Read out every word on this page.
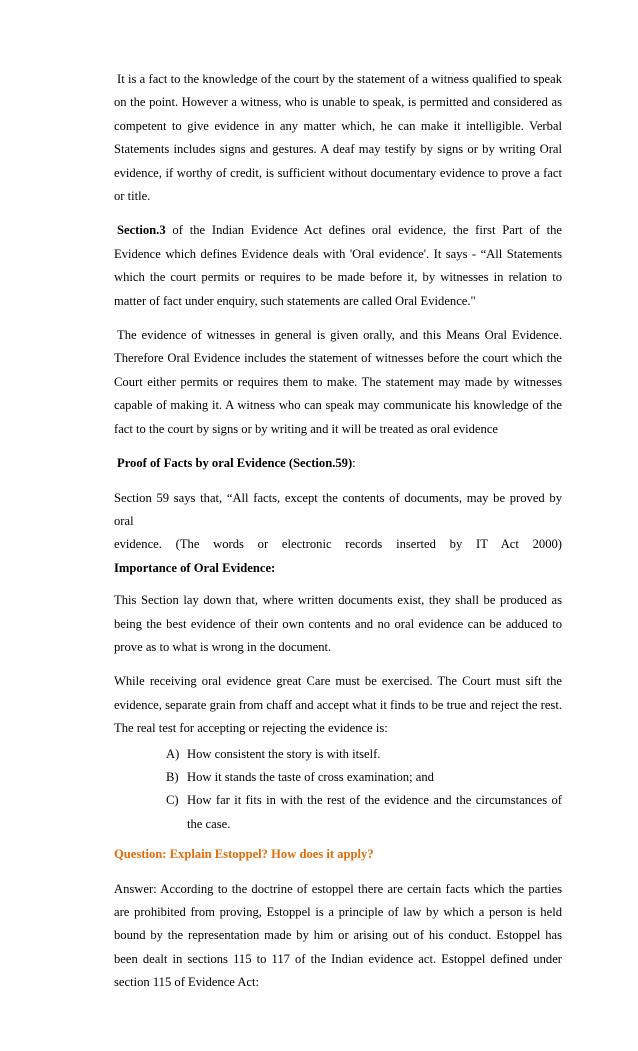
It is a fact to the knowledge of the court by the statement of a witness qualified to speak on the point. However a witness, who is unable to speak, is permitted and considered as competent to give evidence in any matter which, he can make it intelligible. Verbal Statements includes signs and gestures. A deaf may testify by signs or by writing Oral evidence, if worthy of credit, is sufficient without documentary evidence to prove a fact or title.

Section.3 of the Indian Evidence Act defines oral evidence, the first Part of the Evidence which defines Evidence deals with 'Oral evidence'. It says - “All Statements which the court permits or requires to be made before it, by witnesses in relation to matter of fact under enquiry, such statements are called Oral Evidence."

The evidence of witnesses in general is given orally, and this Means Oral Evidence. Therefore Oral Evidence includes the statement of witnesses before the court which the Court either permits or requires them to make. The statement may made by witnesses capable of making it. A witness who can speak may communicate his knowledge of the fact to the court by signs or by writing and it will be treated as oral evidence

Proof of Facts by oral Evidence (Section.59):

Section 59 says that, “All facts, except the contents of documents, may be proved by oral
evidence. (The words or electronic records inserted by IT Act 2000)
Importance of Oral Evidence:

This Section lay down that, where written documents exist, they shall be produced as being the best evidence of their own contents and no oral evidence can be adduced to prove as to what is wrong in the document.

While receiving oral evidence great Care must be exercised. The Court must sift the evidence, separate grain from chaff and accept what it finds to be true and reject the rest. The real test for accepting or rejecting the evidence is:

A) How consistent the story is with itself.
B) How it stands the taste of cross examination; and
C) How far it fits in with the rest of the evidence and the circumstances of the case.

Question: Explain Estoppel? How does it apply?

Answer: According to the doctrine of estoppel there are certain facts which the parties are prohibited from proving, Estoppel is a principle of law by which a person is held bound by the representation made by him or arising out of his conduct. Estoppel has been dealt in sections 115 to 117 of the Indian evidence act. Estoppel defined under section 115 of Evidence Act:
